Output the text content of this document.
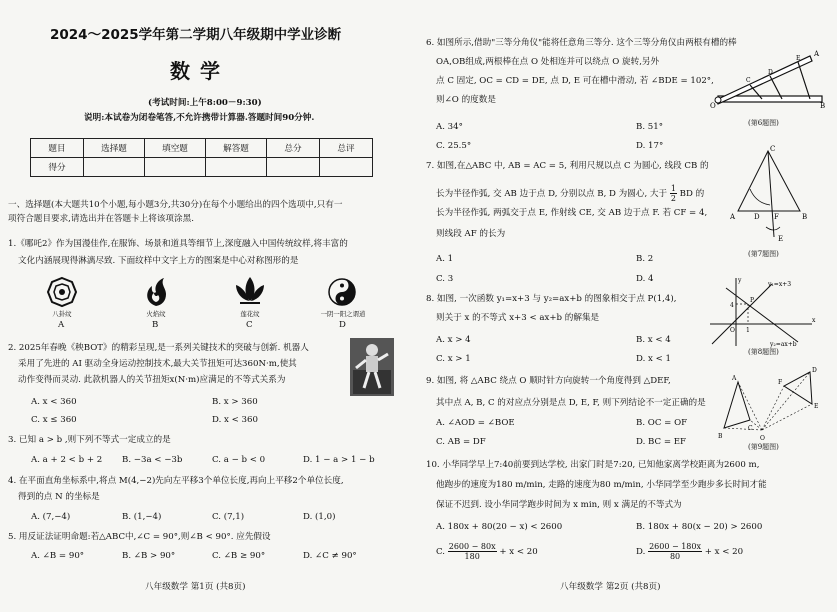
2024～2025学年第二学期八年级期中学业诊断
数学
(考试时间:上午8:00－9:30)
说明:本试卷为闭卷笔答,不允许携带计算器.答题时间90分钟.
题目	选择题	填空题	解答题	总分	总评
得分					
一、选择题(本大题共10个小题,每小题3分,共30分)在每个小题给出的四个选项中,只有一
项符合题目要求,请选出并在答题卡上将该项涂黑.
1.《哪吒2》作为国漫佳作,在服饰、场景和道具等细节上,深度融入中国传统纹样,将丰富的
文化内涵展现得淋漓尽致. 下面纹样中文字上方的图案是中心对称图形的是
八卦纹	火焰纹	莲花纹	一阴一阳之谓道
A	B	C	D
2. 2025年春晚《秧BOT》的精彩呈现,是一系列关键技术的突破与创新. 机器人
采用了先进的 AI 驱动全身运动控制技术,最大关节扭矩可达360N·m,使其
动作变得而灵动. 此款机器人的关节扭矩x(N·m)应满足的不等式关系为
A. x < 360	B. x > 360
C. x ≤ 360	D. x < 360
3. 已知 a > b ,则下列不等式一定成立的是
A. a + 2 < b + 2 B. −3a < −3b	C. a − b < 0	D. 1 − a > 1 − b
4. 在平面直角坐标系中,将点 M(4,−2)先向左平移3个单位长度,再向上平移2个单位长度,
得到的点 N 的坐标是
A. (7,−4)	B. (1,−4)	C. (7,1)	D. (1,0)
5. 用反证法证明命题:若△ABC中,∠C = 90°,则∠B < 90°. 应先假设
A. ∠B = 90°	B. ∠B > 90°	C. ∠B ≥ 90°	D. ∠C ≠ 90°
八年级数学 第1页 (共8页)
6. 如图所示,借助"三等分角仪"能将任意角三等分. 这个三等分角仪由两根有槽的棒
OA,OB组成,两根棒在点 O 处相连并可以绕点 O 旋转,另外
点 C 固定, OC = CD = DE, 点 D, E 可在槽中滑动, 若 ∠BDE = 102°,
则∠O 的度数是
A. 34°	B. 51°
C. 25.5°	D. 17°
O
A
B
C
D
E
(第6题图)
7. 如图,在△ABC 中, AB = AC = 5, 利用尺规以点 C 为圆心, 线段 CB 的
长为半径作弧, 交 AB 边于点 D, 分别以点 B, D 为圆心, 大于 $\frac{1}{2}$ BD 的
长为半径作弧, 两弧交于点 E, 作射线 CE, 交 AB 边于点 F. 若 CF = 4,
则线段 AF 的长为
A. 1	B. 2
C. 3	D. 4
C
A	B
D F
E
(第7题图)
8. 如图, 一次函数 y₁=x+3 与 y₂=ax+b 的图象相交于点 P(1,4),
则关于 x 的不等式 x+3 < ax+b 的解集是
A. x > 4	B. x < 4
C. x > 1	D. x < 1
y₁=x+3
y₂=ax+b
P
4
O 1
x
y
(第8题图)
9. 如图, 将 △ABC 绕点 O 顺时针方向旋转一个角度得到 △DEF,
其中点 A, B, C 的对应点分别是点 D, E, F, 则下列结论不一定正确的是
A. ∠AOD = ∠BOE	B. OC = OF
C. AB = DF	D. BC = EF
A
B
C
D
F
E
O
(第9题图)
10. 小华同学早上7:40前要到达学校, 出家门时是7:20, 已知他家离学校距离为2600 m,
他跑步的速度为180 m/min, 走路的速度为80 m/min, 小华同学至少跑步多长时间才能
保证不迟到. 设小华同学跑步时间为 x min, 则 x 满足的不等式为
A. 180x + 80(20 − x) < 2600	B. 180x + 80(x − 20) > 2600
C. $\frac{2600 - 80x}{180} + x < 20$	D. $\frac{2600 - 180x}{80} + x < 20$
八年级数学 第2页 (共8页)
